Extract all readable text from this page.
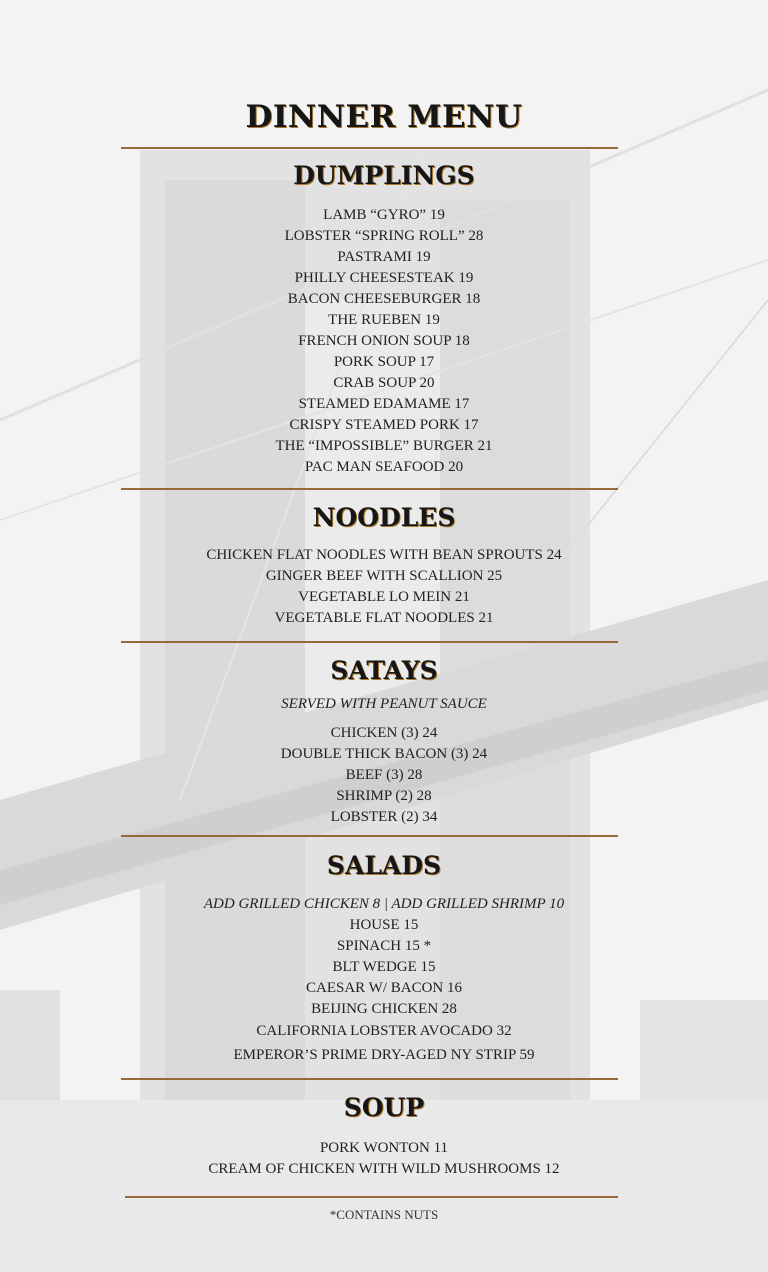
DINNER MENU
DUMPLINGS
LAMB “GYRO” 19
LOBSTER “SPRING ROLL” 28
PASTRAMI 19
PHILLY CHEESESTEAK 19
BACON CHEESEBURGER 18
THE RUEBEN 19
FRENCH ONION SOUP 18
PORK SOUP 17
CRAB SOUP 20
STEAMED EDAMAME 17
CRISPY STEAMED PORK 17
THE “IMPOSSIBLE” BURGER 21
PAC MAN SEAFOOD 20
NOODLES
CHICKEN FLAT NOODLES WITH BEAN SPROUTS 24
GINGER BEEF WITH SCALLION 25
VEGETABLE LO MEIN 21
VEGETABLE FLAT NOODLES 21
SATAYS
SERVED WITH PEANUT SAUCE
CHICKEN (3) 24
DOUBLE THICK BACON (3) 24
BEEF (3) 28
SHRIMP (2) 28
LOBSTER (2) 34
SALADS
ADD GRILLED CHICKEN 8 | ADD GRILLED SHRIMP 10
HOUSE 15
SPINACH 15 *
BLT WEDGE 15
CAESAR W/ BACON 16
BEIJING CHICKEN 28
CALIFORNIA LOBSTER AVOCADO 32
EMPEROR’S PRIME DRY-AGED NY STRIP 59
SOUP
PORK WONTON 11
CREAM OF CHICKEN WITH WILD MUSHROOMS 12
*CONTAINS NUTS
